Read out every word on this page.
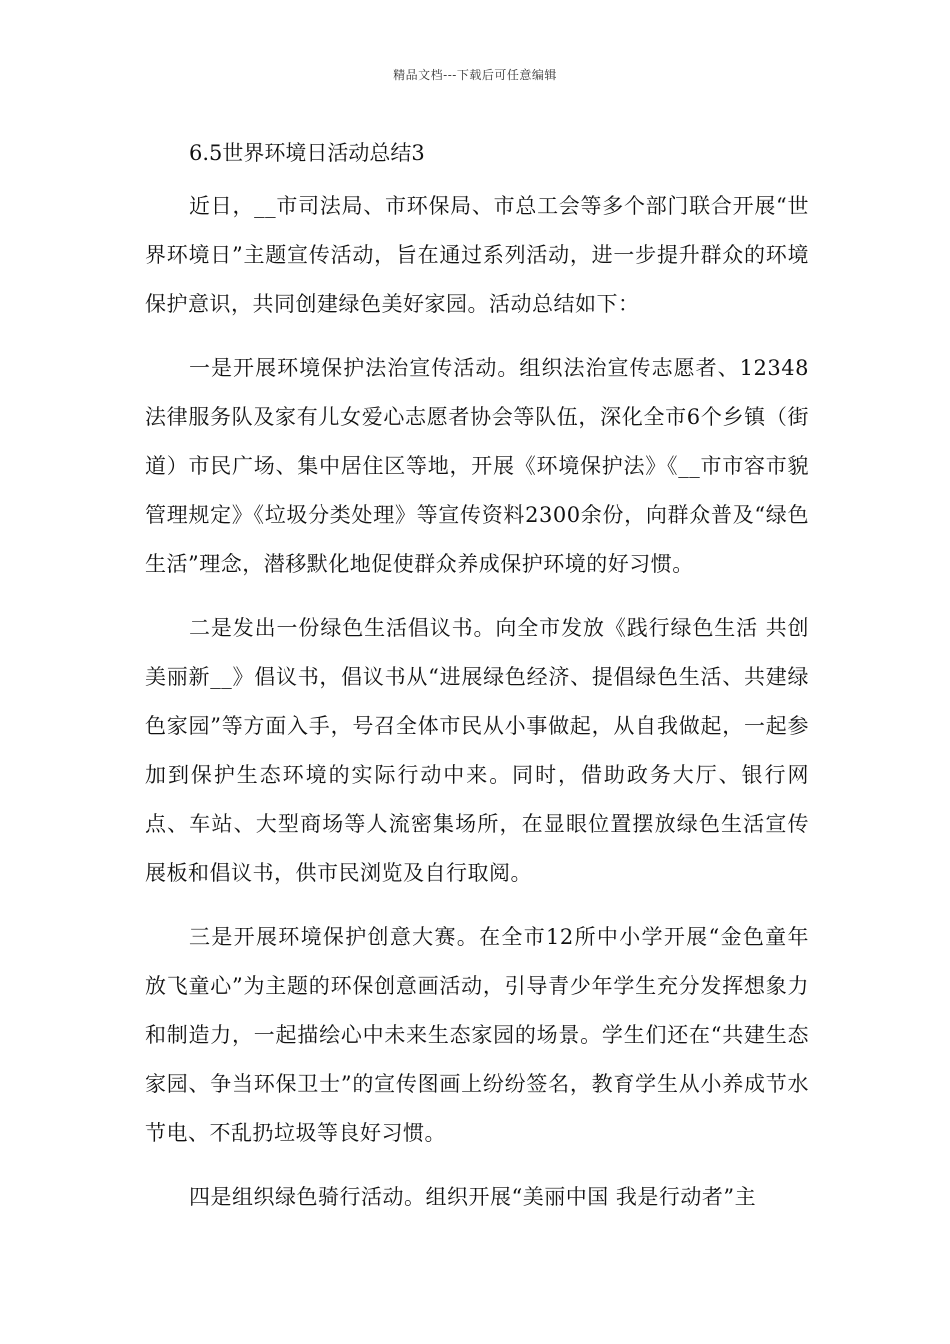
精品文档---下载后可任意编辑

6.5世界环境日活动总结3

近日，__市司法局、市环保局、市总工会等多个部门联合开展“世界环境日”主题宣传活动，旨在通过系列活动，进一步提升群众的环境保护意识，共同创建绿色美好家园。活动总结如下：

一是开展环境保护法治宣传活动。组织法治宣传志愿者、12348法律服务队及家有儿女爱心志愿者协会等队伍，深化全市6个乡镇（街道）市民广场、集中居住区等地，开展《环境保护法》《__市市容市貌管理规定》《垃圾分类处理》等宣传资料2300余份，向群众普及“绿色生活”理念，潜移默化地促使群众养成保护环境的好习惯。

二是发出一份绿色生活倡议书。向全市发放《践行绿色生活 共创美丽新__》倡议书，倡议书从“进展绿色经济、提倡绿色生活、共建绿色家园”等方面入手，号召全体市民从小事做起，从自我做起，一起参加到保护生态环境的实际行动中来。同时，借助政务大厅、银行网点、车站、大型商场等人流密集场所，在显眼位置摆放绿色生活宣传展板和倡议书，供市民浏览及自行取阅。

三是开展环境保护创意大赛。在全市12所中小学开展“金色童年 放飞童心”为主题的环保创意画活动，引导青少年学生充分发挥想象力和制造力，一起描绘心中未来生态家园的场景。学生们还在“共建生态家园、争当环保卫士”的宣传图画上纷纷签名，教育学生从小养成节水节电、不乱扔垃圾等良好习惯。

四是组织绿色骑行活动。组织开展“美丽中国 我是行动者”主
